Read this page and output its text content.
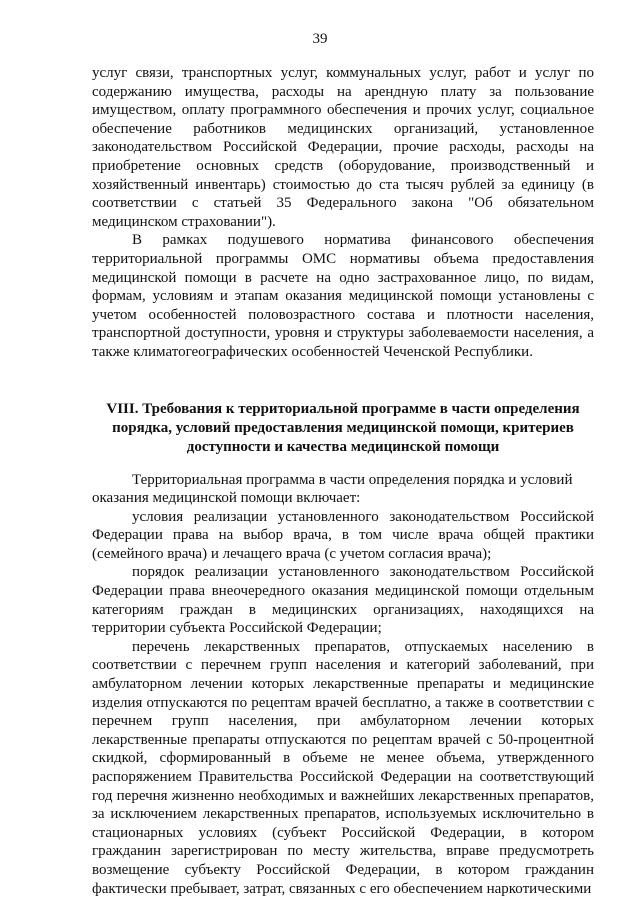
39

услуг связи, транспортных услуг, коммунальных услуг, работ и услуг по содержанию имущества, расходы на арендную плату за пользование имуществом, оплату программного обеспечения и прочих услуг, социальное обеспечение работников медицинских организаций, установленное законодательством Российской Федерации, прочие расходы, расходы на приобретение основных средств (оборудование, производственный и хозяйственный инвентарь) стоимостью до ста тысяч рублей за единицу (в соответствии с статьей 35 Федерального закона "Об обязательном медицинском страховании").

В рамках подушевого норматива финансового обеспечения территориальной программы ОМС нормативы объема предоставления медицинской помощи в расчете на одно застрахованное лицо, по видам, формам, условиям и этапам оказания медицинской помощи установлены с учетом особенностей половозрастного состава и плотности населения, транспортной доступности, уровня и структуры заболеваемости населения, а также климатогеографических особенностей Чеченской Республики.

VIII. Требования к территориальной программе в части определения порядка, условий предоставления медицинской помощи, критериев доступности и качества медицинской помощи

Территориальная программа в части определения порядка и условий оказания медицинской помощи включает:

условия реализации установленного законодательством Российской Федерации права на выбор врача, в том числе врача общей практики (семейного врача) и лечащего врача (с учетом согласия врача);

порядок реализации установленного законодательством Российской Федерации права внеочередного оказания медицинской помощи отдельным категориям граждан в медицинских организациях, находящихся на территории субъекта Российской Федерации;

перечень лекарственных препаратов, отпускаемых населению в соответствии с перечнем групп населения и категорий заболеваний, при амбулаторном лечении которых лекарственные препараты и медицинские изделия отпускаются по рецептам врачей бесплатно, а также в соответствии с перечнем групп населения, при амбулаторном лечении которых лекарственные препараты отпускаются по рецептам врачей с 50-процентной скидкой, сформированный в объеме не менее объема, утвержденного распоряжением Правительства Российской Федерации на соответствующий год перечня жизненно необходимых и важнейших лекарственных препаратов, за исключением лекарственных препаратов, используемых исключительно в стационарных условиях (субъект Российской Федерации, в котором гражданин зарегистрирован по месту жительства, вправе предусмотреть возмещение субъекту Российской Федерации, в котором гражданин фактически пребывает, затрат, связанных с его обеспечением наркотическими
